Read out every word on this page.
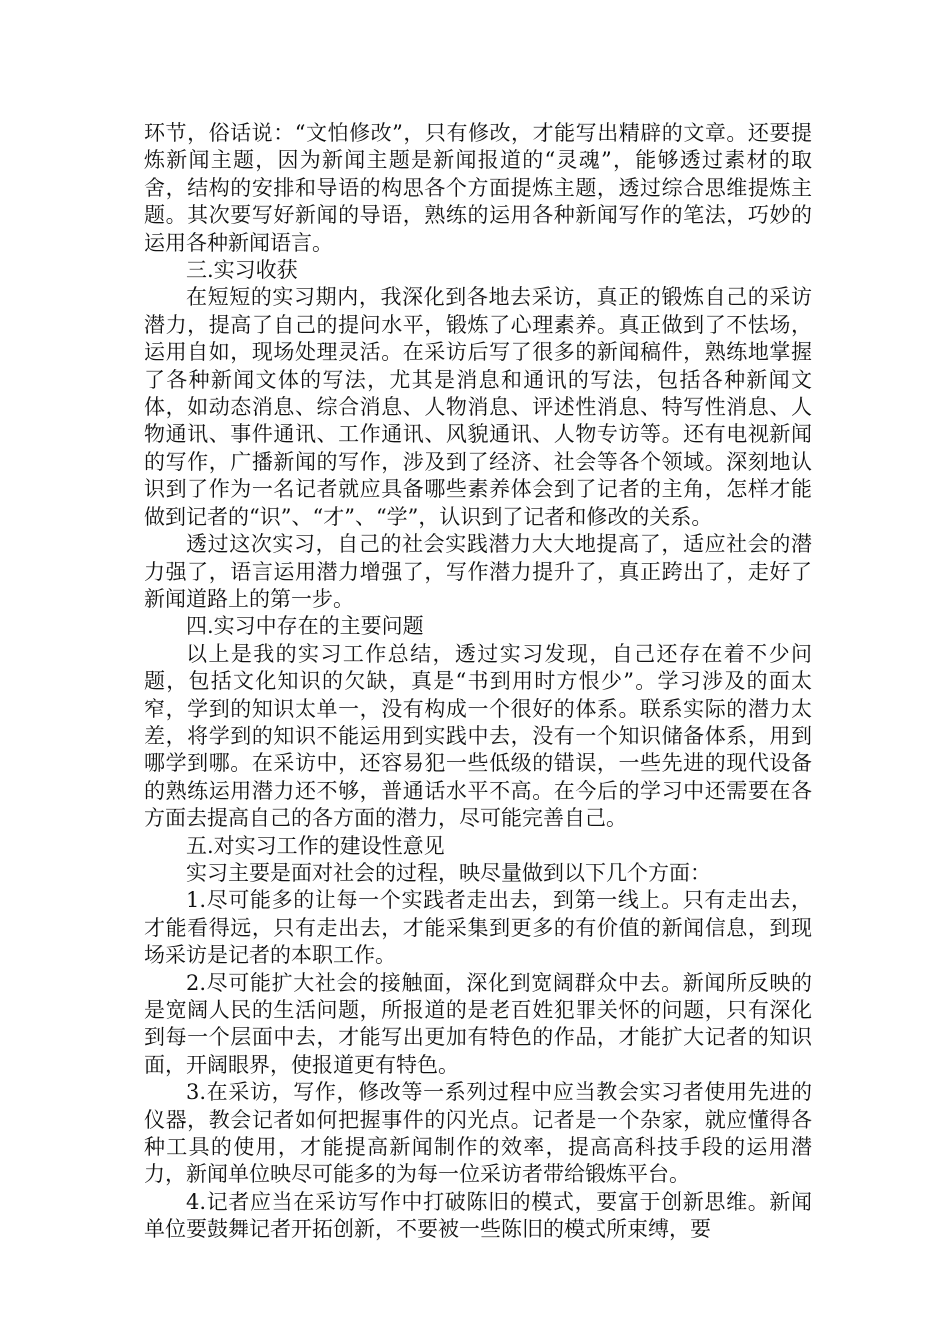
环节，俗话说：“文怕修改”，只有修改，才能写出精辟的文章。还要提炼新闻主题，因为新闻主题是新闻报道的“灵魂”，能够透过素材的取舍，结构的安排和导语的构思各个方面提炼主题，透过综合思维提炼主题。其次要写好新闻的导语，熟练的运用各种新闻写作的笔法，巧妙的运用各种新闻语言。

三.实习收获

在短短的实习期内，我深化到各地去采访，真正的锻炼自己的采访潜力，提高了自己的提问水平，锻炼了心理素养。真正做到了不怯场，运用自如，现场处理灵活。在采访后写了很多的新闻稿件，熟练地掌握了各种新闻文体的写法，尤其是消息和通讯的写法，包括各种新闻文体，如动态消息、综合消息、人物消息、评述性消息、特写性消息、人物通讯、事件通讯、工作通讯、风貌通讯、人物专访等。还有电视新闻的写作，广播新闻的写作，涉及到了经济、社会等各个领域。深刻地认识到了作为一名记者就应具备哪些素养体会到了记者的主角，怎样才能做到记者的“识”、“才”、“学”，认识到了记者和修改的关系。

透过这次实习，自己的社会实践潜力大大地提高了，适应社会的潜力强了，语言运用潜力增强了，写作潜力提升了，真正跨出了，走好了新闻道路上的第一步。

四.实习中存在的主要问题

以上是我的实习工作总结，透过实习发现，自己还存在着不少问题，包括文化知识的欠缺，真是“书到用时方恨少”。学习涉及的面太窄，学到的知识太单一，没有构成一个很好的体系。联系实际的潜力太差，将学到的知识不能运用到实践中去，没有一个知识储备体系，用到哪学到哪。在采访中，还容易犯一些低级的错误，一些先进的现代设备的熟练运用潜力还不够，普通话水平不高。在今后的学习中还需要在各方面去提高自己的各方面的潜力，尽可能完善自己。

五.对实习工作的建设性意见

实习主要是面对社会的过程，映尽量做到以下几个方面：

1.尽可能多的让每一个实践者走出去，到第一线上。只有走出去，才能看得远，只有走出去，才能采集到更多的有价值的新闻信息，到现场采访是记者的本职工作。

2.尽可能扩大社会的接触面，深化到宽阔群众中去。新闻所反映的是宽阔人民的生活问题，所报道的是老百姓犯罪关怀的问题，只有深化到每一个层面中去，才能写出更加有特色的作品，才能扩大记者的知识面，开阔眼界，使报道更有特色。

3.在采访，写作，修改等一系列过程中应当教会实习者使用先进的仪器，教会记者如何把握事件的闪光点。记者是一个杂家，就应懂得各种工具的使用，才能提高新闻制作的效率，提高高科技手段的运用潜力，新闻单位映尽可能多的为每一位采访者带给锻炼平台。

4.记者应当在采访写作中打破陈旧的模式，要富于创新思维。新闻单位要鼓舞记者开拓创新，不要被一些陈旧的模式所束缚，要
